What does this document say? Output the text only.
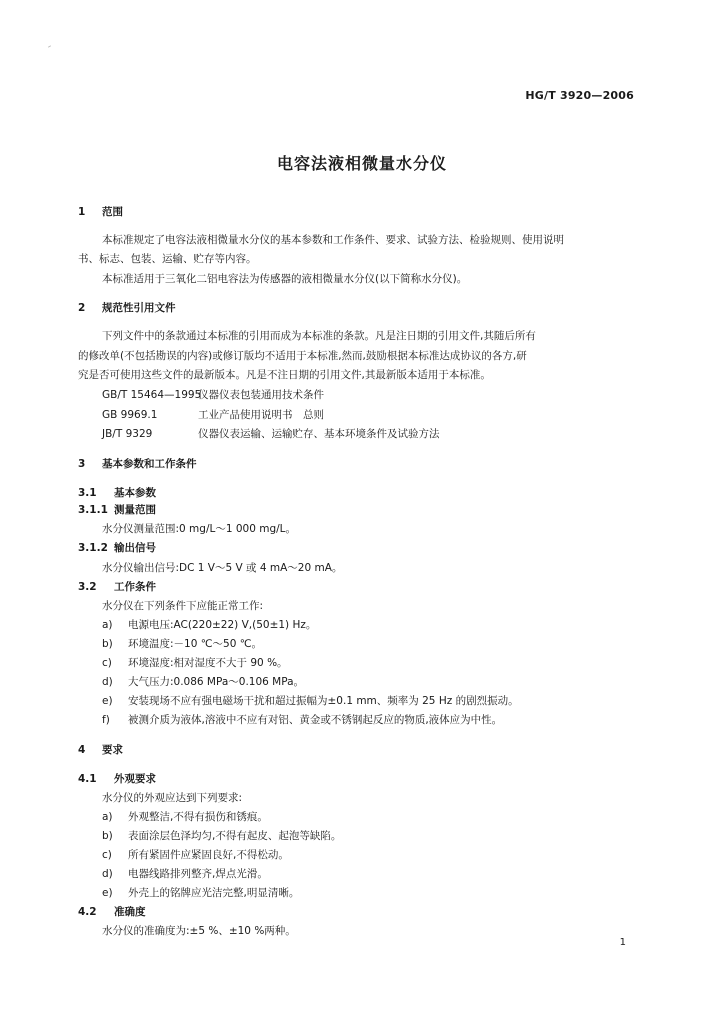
HG/T 3920—2006
电容法液相微量水分仪
1 范围
本标准规定了电容法液相微量水分仪的基本参数和工作条件、要求、试验方法、检验规则、使用说明
书、标志、包装、运输、贮存等内容。
本标准适用于三氧化二铝电容法为传感器的液相微量水分仪(以下简称水分仪)。
2 规范性引用文件
下列文件中的条款通过本标准的引用而成为本标准的条款。凡是注日期的引用文件,其随后所有
的修改单(不包括勘误的内容)或修订版均不适用于本标准,然而,鼓励根据本标准达成协议的各方,研
究是否可使用这些文件的最新版本。凡是不注日期的引用文件,其最新版本适用于本标准。
GB/T 15464—1995仪器仪表包装通用技术条件
GB 9969.1	工业产品使用说明书　总则
JB/T 9329	仪器仪表运输、运输贮存、基本环境条件及试验方法
3 基本参数和工作条件
3.1 基本参数
3.1.1 测量范围
水分仪测量范围:0 mg/L～1 000 mg/L。
3.1.2 输出信号
水分仪输出信号:DC 1 V～5 V 或 4 mA～20 mA。
3.2 工作条件
水分仪在下列条件下应能正常工作:
a) 电源电压:AC(220±22) V,(50±1) Hz。
b) 环境温度:－10 ℃～50 ℃。
c) 环境湿度:相对湿度不大于 90 %。
d) 大气压力:0.086 MPa～0.106 MPa。
e) 安装现场不应有强电磁场干扰和超过振幅为±0.1 mm、频率为 25 Hz 的剧烈振动。
f) 被测介质为液体,溶液中不应有对铝、黄金或不锈钢起反应的物质,液体应为中性。
4 要求
4.1 外观要求
水分仪的外观应达到下列要求:
a) 外观整洁,不得有损伤和锈痕。
b) 表面涂层色泽均匀,不得有起皮、起泡等缺陷。
c) 所有紧固件应紧固良好,不得松动。
d) 电器线路排列整齐,焊点光滑。
e) 外壳上的铭牌应光洁完整,明显清晰。
4.2 准确度
水分仪的准确度为:±5 %、±10 %两种。
1
